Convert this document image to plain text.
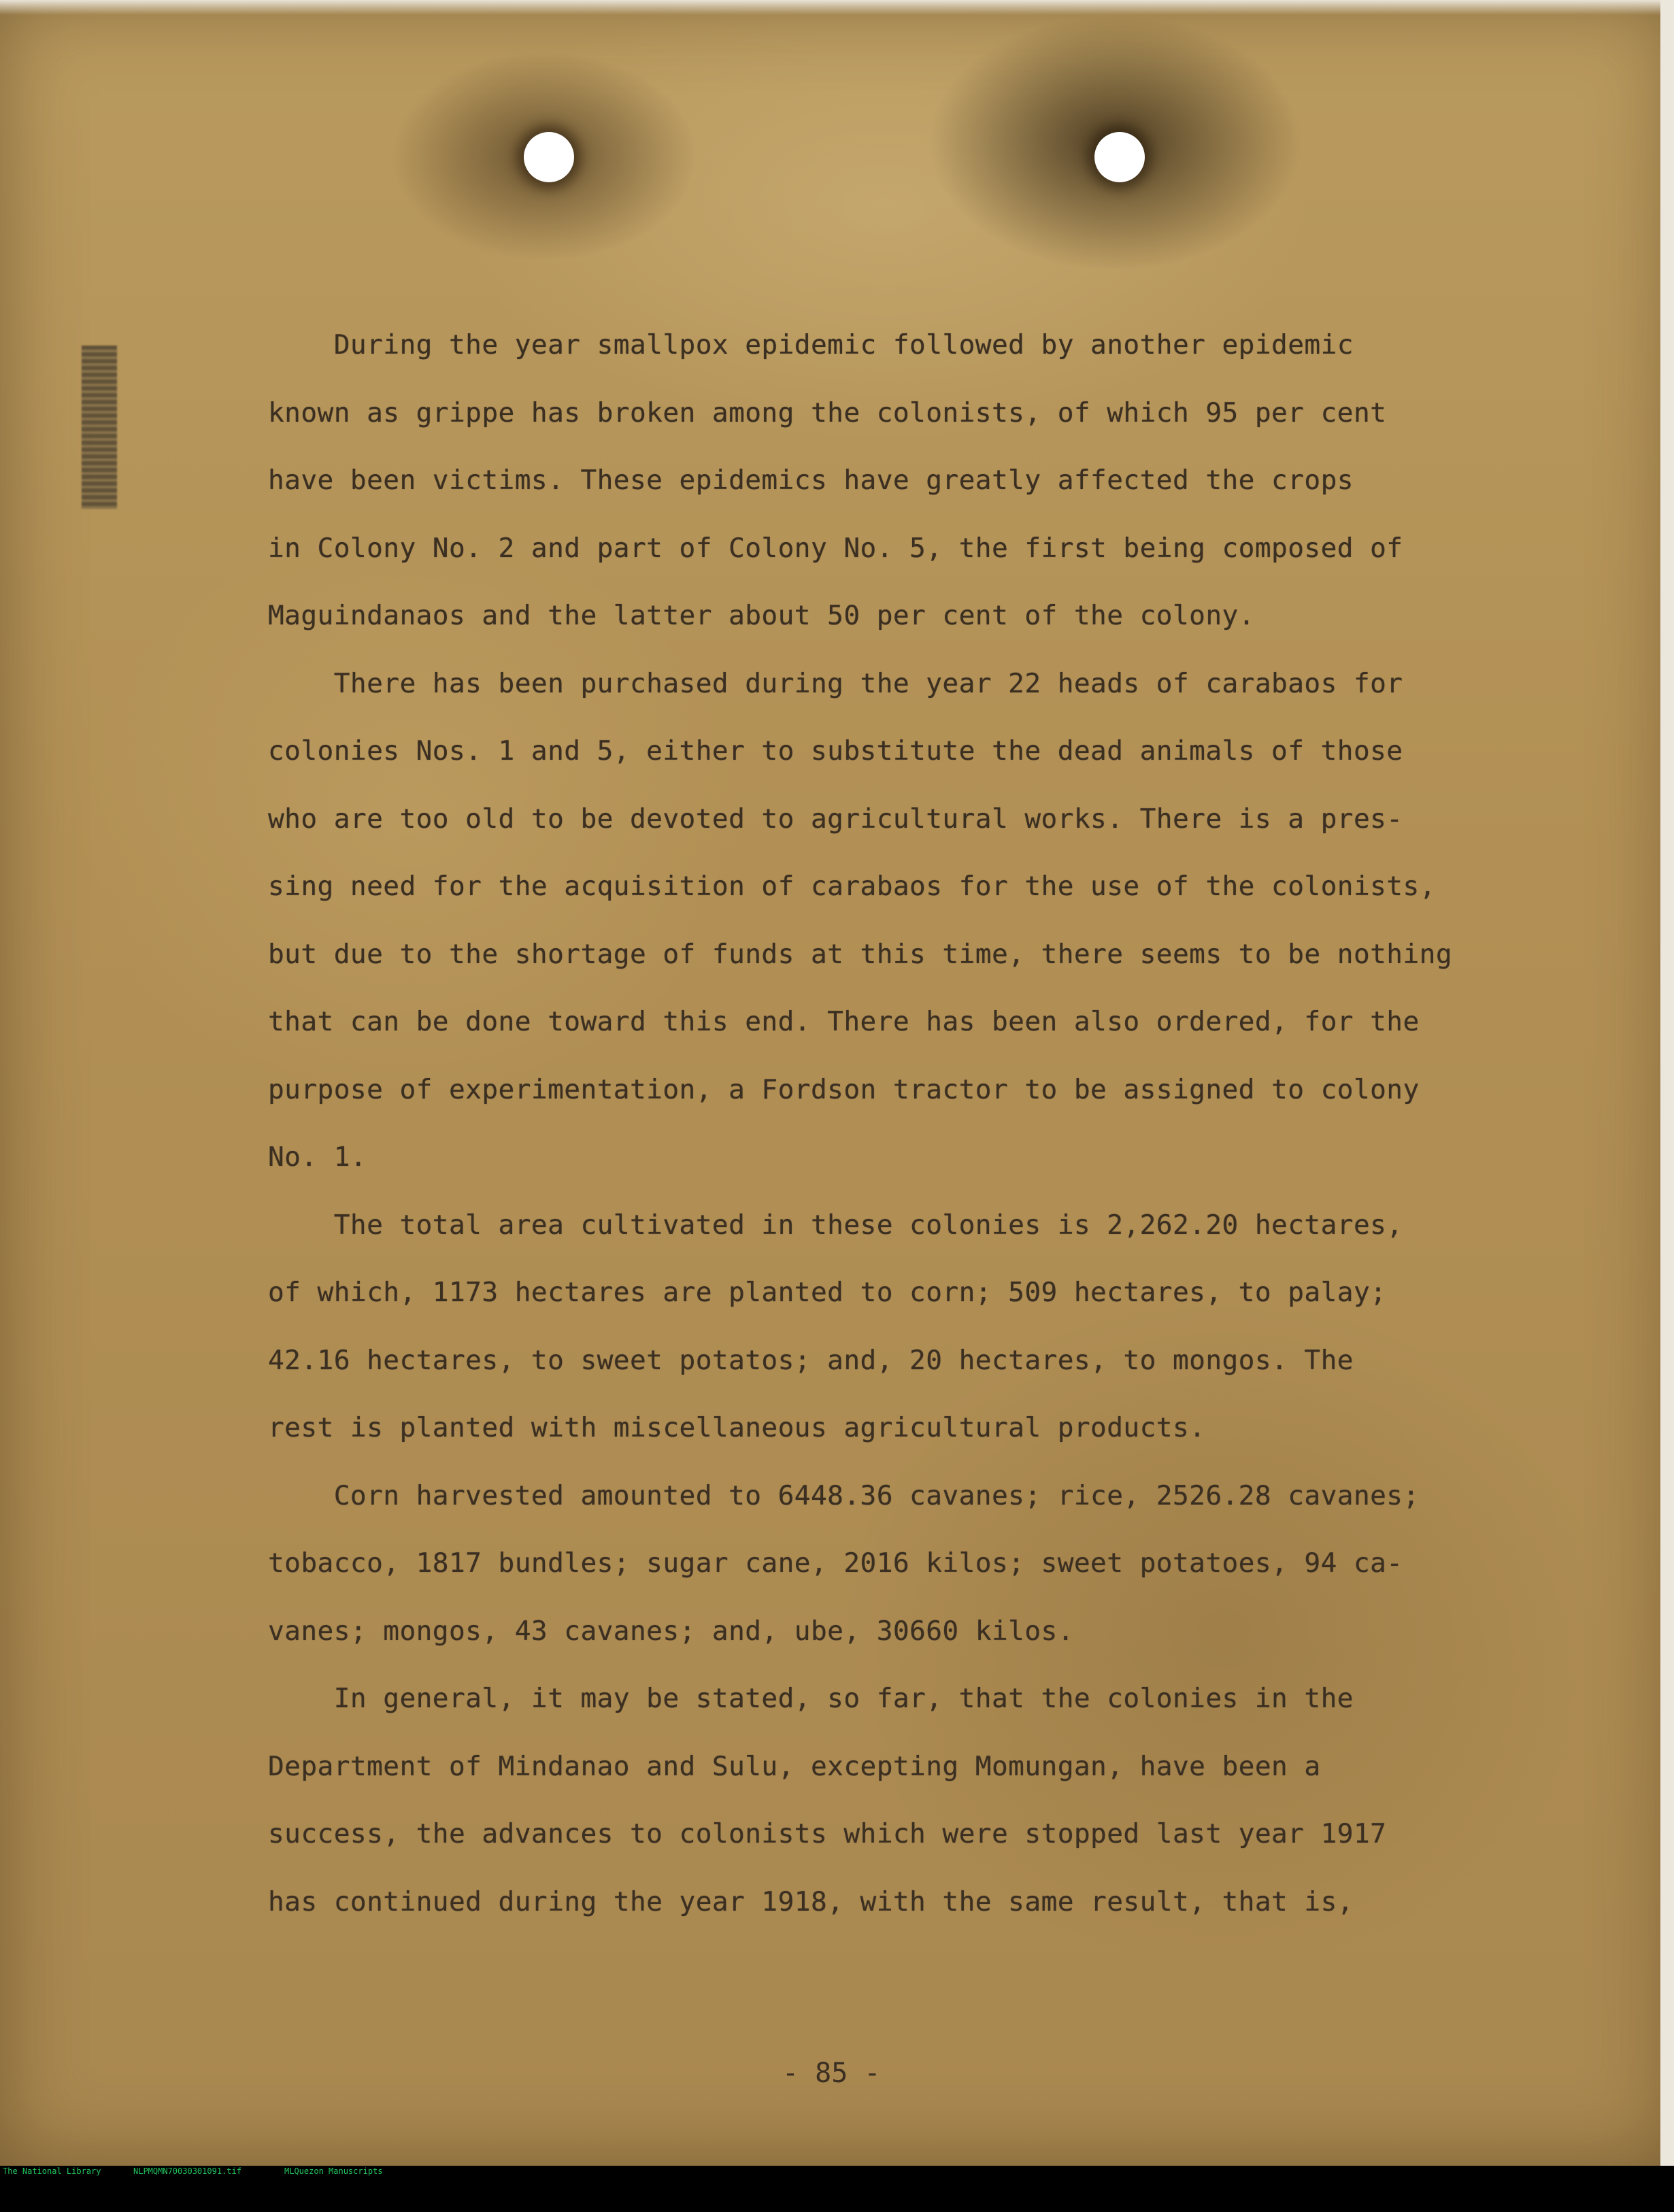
During the year smallpox epidemic followed by another epidemic
known as grippe has broken among the colonists, of which 95 per cent
have been victims. These epidemics have greatly affected the crops
in Colony No. 2 and part of Colony No. 5, the first being composed of
Maguindanaos and the latter about 50 per cent of the colony.
There has been purchased during the year 22 heads of carabaos for
colonies Nos. 1 and 5, either to substitute the dead animals of those
who are too old to be devoted to agricultural works. There is a pres-
sing need for the acquisition of carabaos for the use of the colonists,
but due to the shortage of funds at this time, there seems to be nothing
that can be done toward this end. There has been also ordered, for the
purpose of experimentation, a Fordson tractor to be assigned to colony
No. 1.
The total area cultivated in these colonies is 2,262.20 hectares,
of which, 1173 hectares are planted to corn; 509 hectares, to palay;
42.16 hectares, to sweet potatos; and, 20 hectares, to mongos. The
rest is planted with miscellaneous agricultural products.
Corn harvested amounted to 6448.36 cavanes; rice, 2526.28 cavanes;
tobacco, 1817 bundles; sugar cane, 2016 kilos; sweet potatoes, 94 ca-
vanes; mongos, 43 cavanes; and, ube, 30660 kilos.
In general, it may be stated, so far, that the colonies in the
Department of Mindanao and Sulu, excepting Momungan, have been a
success, the advances to colonists which were stopped last year 1917
has continued during the year 1918, with the same result, that is,
- 85 -

The National Library

	NLPMQMN70030301091.tif

	MLQuezon Manuscripts
